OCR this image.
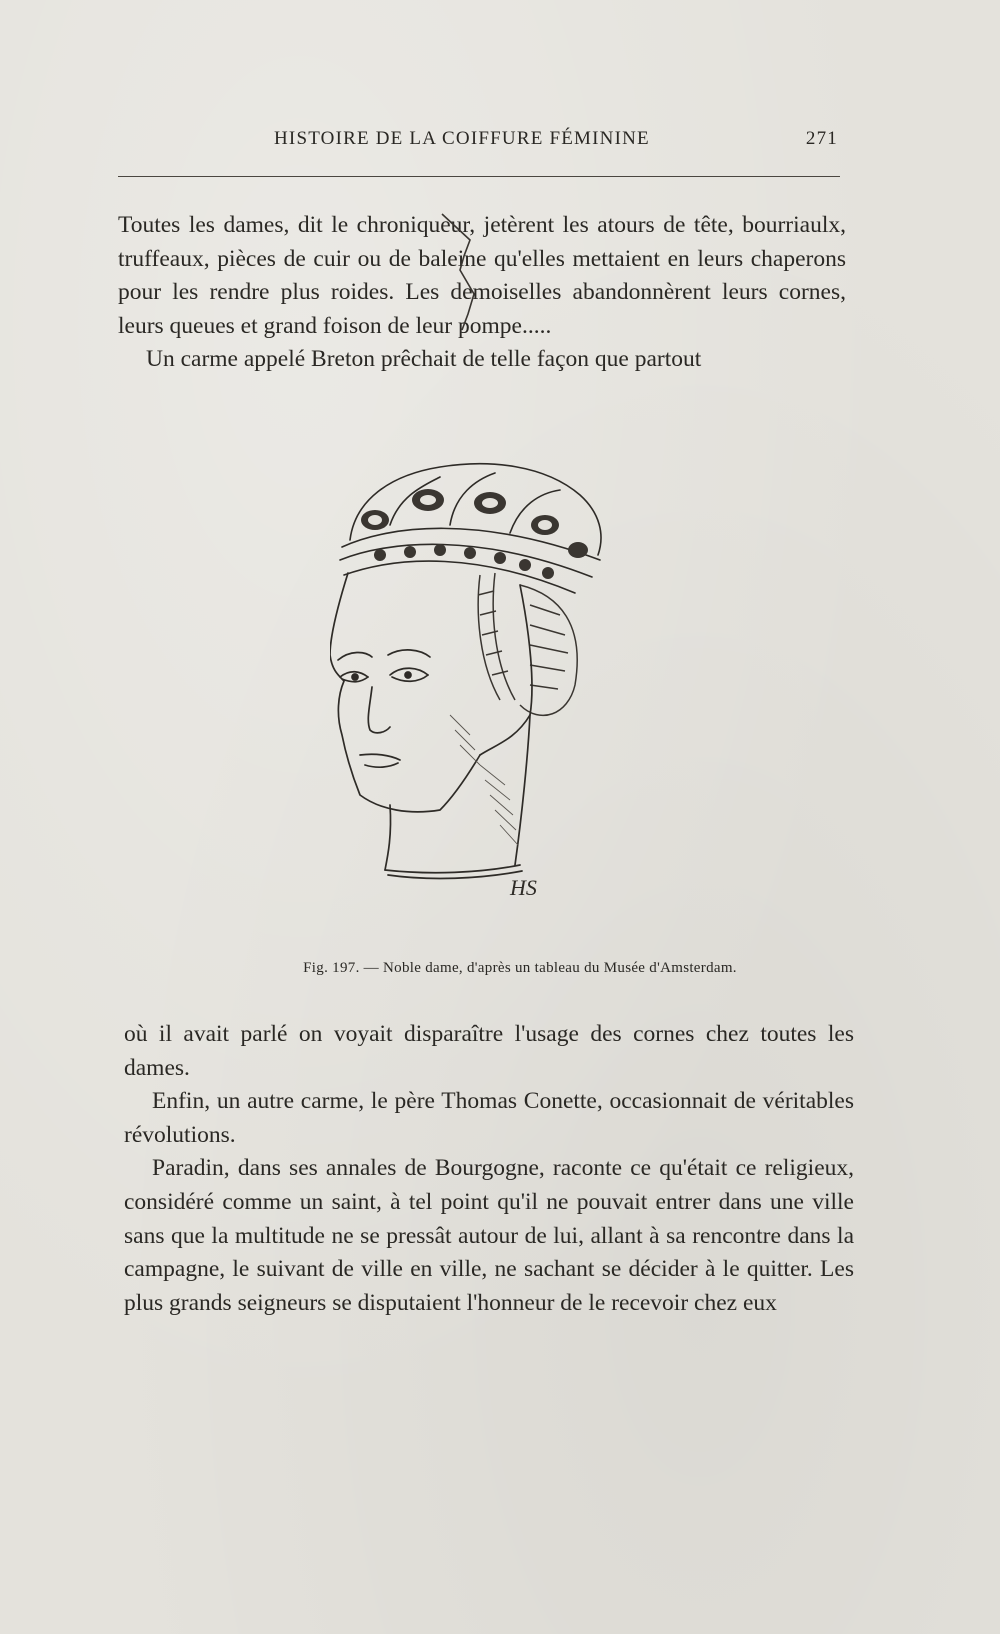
HISTOIRE DE LA COIFFURE FÉMININE	271

Toutes les dames, dit le chroniqueur, jetèrent les atours de tête, bourriaulx, truffeaux, pièces de cuir ou de baleine qu'elles mettaient en leurs chaperons pour les rendre plus roides. Les demoiselles abandonnèrent leurs cornes, leurs queues et grand foison de leur pompe.....

Un carme appelé Breton prêchait de telle façon que partout

HS
Fig. 197. — Noble dame, d'après un tableau du Musée d'Amsterdam.

où il avait parlé on voyait disparaître l'usage des cornes chez toutes les dames.

Enfin, un autre carme, le père Thomas Conette, occasionnait de véritables révolutions.

Paradin, dans ses annales de Bourgogne, raconte ce qu'était ce religieux, considéré comme un saint, à tel point qu'il ne pouvait entrer dans une ville sans que la multitude ne se pressât autour de lui, allant à sa rencontre dans la campagne, le suivant de ville en ville, ne sachant se décider à le quitter. Les plus grands seigneurs se disputaient l'honneur de le recevoir chez eux
